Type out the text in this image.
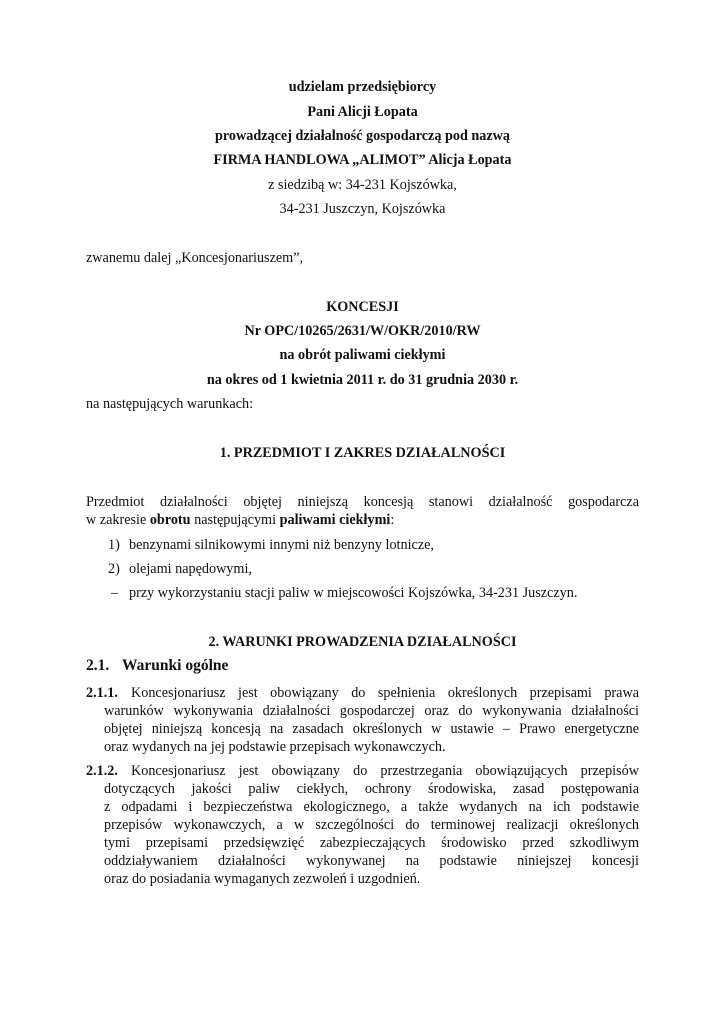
udzielam przedsiębiorcy
Pani Alicji Łopata
prowadzącej działalność gospodarczą pod nazwą
FIRMA HANDLOWA „ALIMOT” Alicja Łopata
z siedzibą w: 34-231 Kojszówka,
34-231 Juszczyn, Kojszówka
zwanemu dalej „Koncesjonariuszem”,
KONCESJI
Nr OPC/10265/2631/W/OKR/2010/RW
na obrót paliwami ciekłymi
na okres od 1 kwietnia 2011 r. do 31 grudnia 2030 r.
na następujących warunkach:
1. PRZEDMIOT I ZAKRES DZIAŁALNOŚCI
Przedmiot działalności objętej niniejszą koncesją stanowi działalność gospodarcza
w zakresie obrotu następującymi paliwami ciekłymi:
1) benzynami silnikowymi innymi niż benzyny lotnicze,
2) olejami napędowymi,
– przy wykorzystaniu stacji paliw w miejscowości Kojszówka, 34-231 Juszczyn.
2. WARUNKI PROWADZENIA DZIAŁALNOŚCI
2.1. Warunki ogólne
2.1.1. Koncesjonariusz jest obowiązany do spełnienia określonych przepisami prawa
warunków wykonywania działalności gospodarczej oraz do wykonywania działalności
objętej niniejszą koncesją na zasadach określonych w ustawie – Prawo energetyczne
oraz wydanych na jej podstawie przepisach wykonawczych.
2.1.2. Koncesjonariusz jest obowiązany do przestrzegania obowiązujących przepisów
dotyczących jakości paliw ciekłych, ochrony środowiska, zasad postępowania
z odpadami i bezpieczeństwa ekologicznego, a także wydanych na ich podstawie
przepisów wykonawczych, a w szczególności do terminowej realizacji określonych
tymi przepisami przedsięwzięć zabezpieczających środowisko przed szkodliwym
oddziaływaniem działalności wykonywanej na podstawie niniejszej koncesji
oraz do posiadania wymaganych zezwoleń i uzgodnień.
